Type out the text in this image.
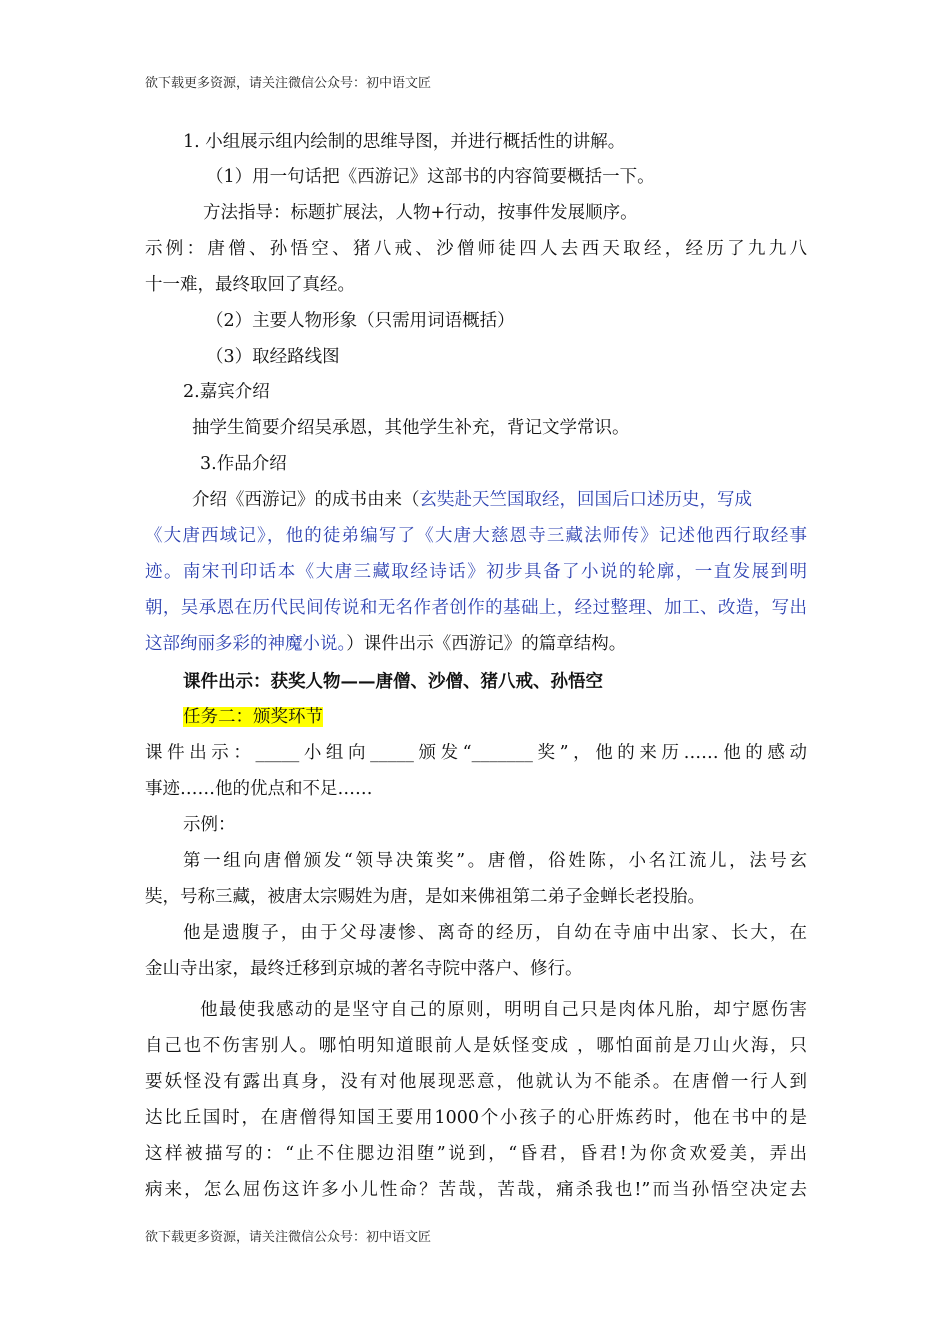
欲下载更多资源，请关注微信公众号：初中语文匠
1. 小组展示组内绘制的思维导图，并进行概括性的讲解。
（1）用一句话把《西游记》这部书的内容简要概括一下。
方法指导：标题扩展法，人物+行动，按事件发展顺序。
示例：唐僧、孙悟空、猪八戒、沙僧师徒四人去西天取经，经历了九九八
十一难，最终取回了真经。
（2）主要人物形象（只需用词语概括）
（3）取经路线图
2.嘉宾介绍
抽学生简要介绍吴承恩，其他学生补充，背记文学常识。
3.作品介绍
介绍《西游记》的成书由来（玄奘赴天竺国取经，回国后口述历史，写成
《大唐西域记》，他的徒弟编写了《大唐大慈恩寺三藏法师传》记述他西行取经事
迹。南宋刊印话本《大唐三藏取经诗话》初步具备了小说的轮廓，一直发展到明
朝，吴承恩在历代民间传说和无名作者创作的基础上，经过整理、加工、改造，写出
这部绚丽多彩的神魔小说。）课件出示《西游记》的篇章结构。
课件出示：获奖人物——唐僧、沙僧、猪八戒、孙悟空
任务二：颁奖环节
课件出示：_____小组向_____颁发“_______奖”，他的来历……他的感动
事迹……他的优点和不足……
示例：
第一组向唐僧颁发“领导决策奖”。唐僧，俗姓陈，小名江流儿，法号玄
奘，号称三藏，被唐太宗赐姓为唐，是如来佛祖第二弟子金蝉长老投胎。
他是遗腹子，由于父母凄惨、离奇的经历，自幼在寺庙中出家、长大，在
金山寺出家，最终迁移到京城的著名寺院中落户、修行。
他最使我感动的是坚守自己的原则，明明自己只是肉体凡胎，却宁愿伤害
自己也不伤害别人。哪怕明知道眼前人是妖怪变成 ，哪怕面前是刀山火海，只
要妖怪没有露出真身，没有对他展现恶意，他就认为不能杀。在唐僧一行人到
达比丘国时，在唐僧得知国王要用1000个小孩子的心肝炼药时，他在书中的是
这样被描写的：“止不住腮边泪堕”说到，“昏君，昏君!为你贪欢爱美，弄出
病来，怎么屈伤这许多小儿性命？苦哉，苦哉，痛杀我也!”而当孙悟空决定去
欲下载更多资源，请关注微信公众号：初中语文匠
